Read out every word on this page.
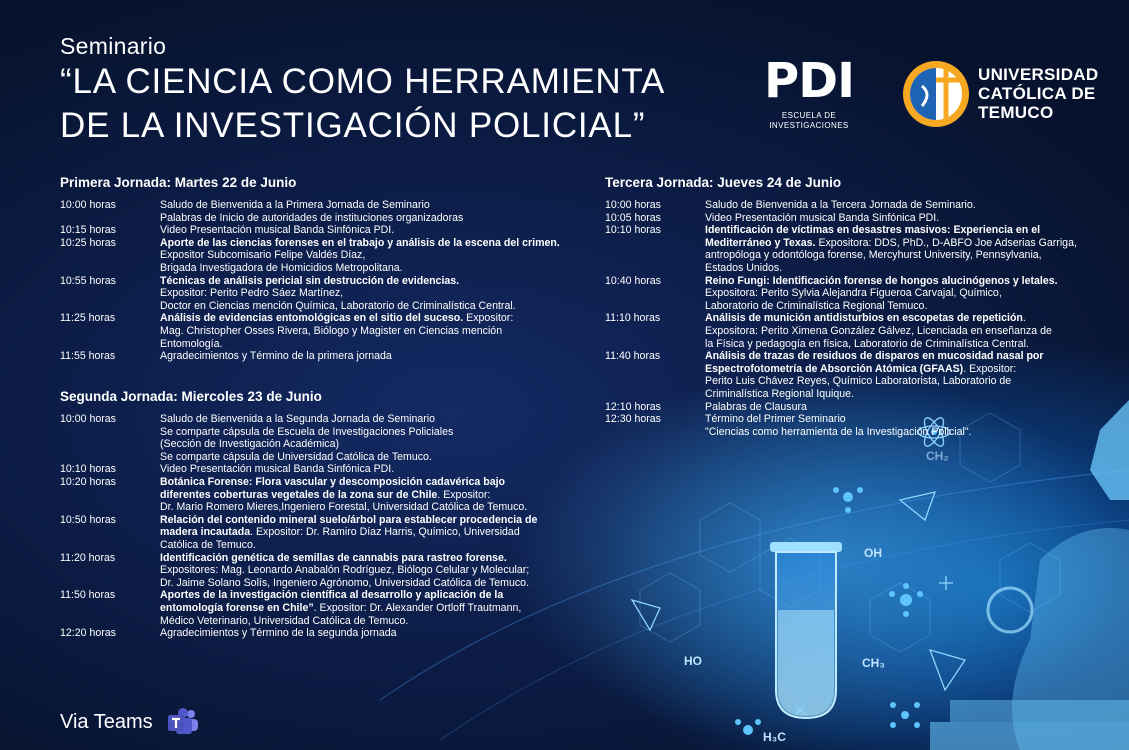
OH
HO	CH₃
H₃C
CH₂
Seminario
“LA CIENCIA COMO HERRAMIENTA
DE LA INVESTIGACIÓN POLICIAL”
PDI
ESCUELA DE
INVESTIGACIONES
UNIVERSIDAD
CATÓLICA DE
TEMUCO
Primera Jornada: Martes 22 de Junio
10:00 horas	Saludo de Bienvenida a la Primera Jornada de Seminario
Palabras de Inicio de autoridades de instituciones organizadoras
10:15 horas	Video Presentación musical Banda Sinfónica PDI.
10:25 horas	Aporte de las ciencias forenses en el trabajo y análisis de la escena del crimen.
Expositor Subcomisario Felipe Valdés Díaz,
Brigada Investigadora de Homicidios Metropolitana.
10:55 horas	Técnicas de análisis pericial sin destrucción de evidencias.
Expositor: Perito Pedro Sáez Martínez,
Doctor en Ciencias mención Química, Laboratorio de Criminalística Central.
11:25 horas	Análisis de evidencias entomológicas en el sitio del suceso. Expositor:
Mag. Christopher Osses Rivera, Biólogo y Magister en Ciencias mención
Entomología.
11:55 horas	Agradecimientos y Término de la primera jornada
Segunda Jornada: Miercoles 23 de Junio
10:00 horas	Saludo de Bienvenida a la Segunda Jornada de Seminario
Se comparte cápsula de Escuela de Investigaciones Policiales
(Sección de Investigación Académica)
Se comparte cápsula de Universidad Católica de Temuco.
10:10 horas	Video Presentación musical Banda Sinfónica PDI.
10:20 horas	Botánica Forense: Flora vascular y descomposición cadavérica bajo
diferentes coberturas vegetales de la zona sur de Chile. Expositor:
Dr. Mario Romero Mieres,Ingeniero Forestal, Universidad Católica de Temuco.
10:50 horas	Relación del contenido mineral suelo/árbol para establecer procedencia de
madera incautada. Expositor: Dr. Ramiro Díaz Harris, Químico, Universidad
Católica de Temuco.
11:20 horas	Identificación genética de semillas de cannabis para rastreo forense.
Expositores: Mag. Leonardo Anabalón Rodríguez, Biólogo Celular y Molecular;
Dr. Jaime Solano Solís, Ingeniero Agrónomo, Universidad Católica de Temuco.
11:50 horas	Aportes de la investigación científica al desarrollo y aplicación de la
entomología forense en Chile”. Expositor: Dr. Alexander Ortloff Trautmann,
Médico Veterinario, Universidad Católica de Temuco.
12:20 horas	Agradecimientos y Término de la segunda jornada
Tercera Jornada: Jueves 24 de Junio
10:00 horas	Saludo de Bienvenida a la Tercera Jornada de Seminario.
10:05 horas	Video Presentación musical Banda Sinfónica PDI.
10:10 horas	Identificación de víctimas en desastres masivos: Experiencia en el
Mediterráneo y Texas. Expositora: DDS, PhD., D-ABFO Joe Adserias Garriga,
antropóloga y odontóloga forense, Mercyhurst University, Pennsylvania,
Estados Unidos.
10:40 horas	Reino Fungi: Identificación forense de hongos alucinógenos y letales.
Expositora: Perito Sylvia Alejandra Figueroa Carvajal, Químico,
Laboratorio de Criminalística Regional Temuco.
11:10 horas	Análisis de munición antidisturbios en escopetas de repetición.
Expositora: Perito Ximena González Gálvez, Licenciada en enseñanza de
la Física y pedagogía en física, Laboratorio de Criminalística Central.
11:40 horas	Análisis de trazas de residuos de disparos en mucosidad nasal por
Espectrofotometría de Absorción Atómica (GFAAS). Expositor:
Perito Luis Chávez Reyes, Químico Laboratorista, Laboratorio de
Criminalística Regional Iquique.
12:10 horas	Palabras de Clausura
12:30 horas	Término del Primer Seminario
"Ciencias como herramienta de la Investigación Policial".
Via Teams
